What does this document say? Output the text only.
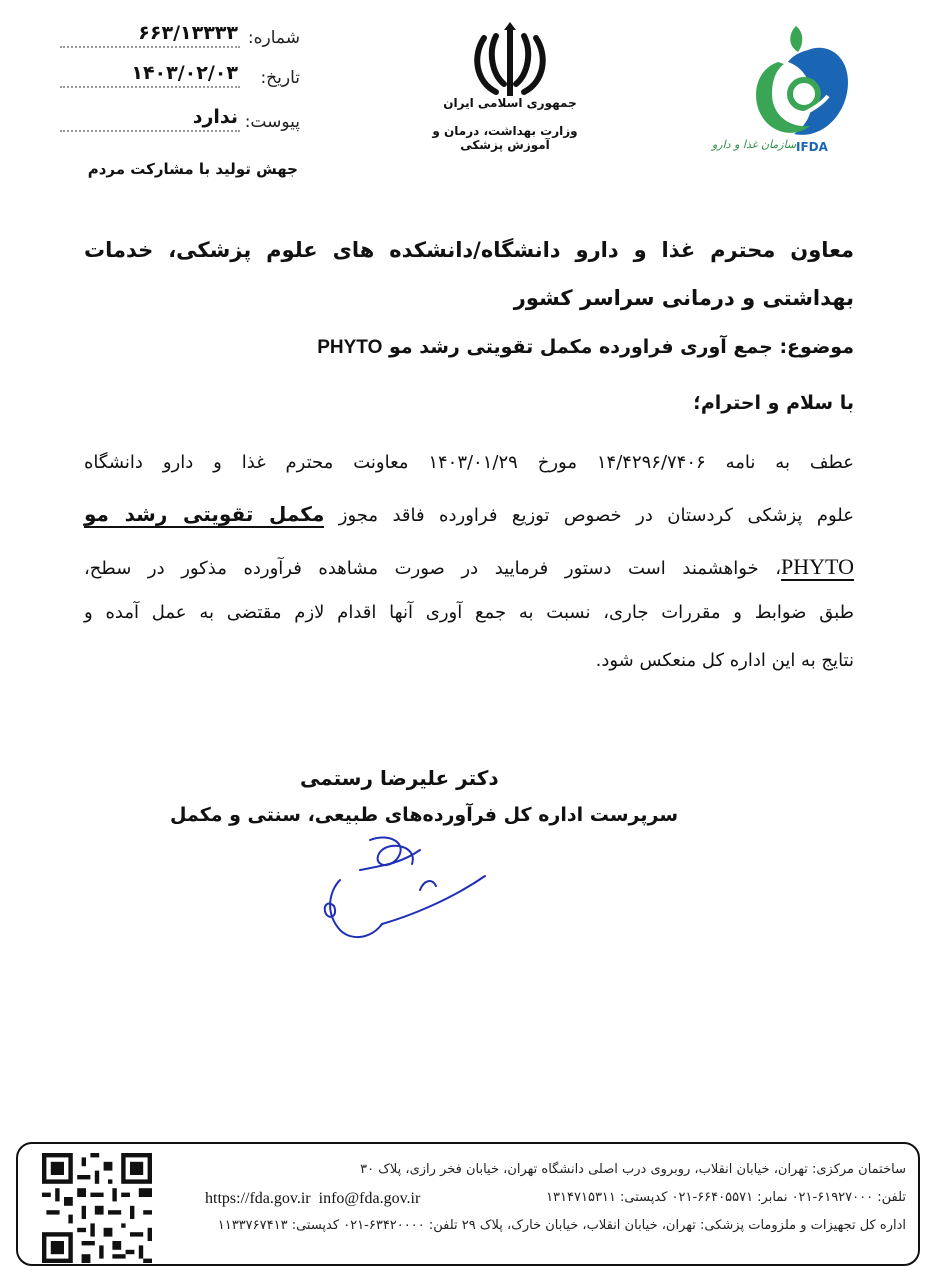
شماره:
۶۶۳/۱۳۳۳۳
تاریخ:
۱۴۰۳/۰۲/۰۳
پیوست:
ندارد
جهش تولید با مشارکت مردم
جمهوری اسلامی ایران
وزارت بهداشت، درمان و آموزش پزشکی	سازمان غذا و دارو IFDA
معاون محترم غذا و دارو دانشگاه/دانشکده های علوم پزشکی، خدمات بهداشتی و درمانی سراسر کشور
موضوع: جمع آوری فراورده مکمل تقویتی رشد مو PHYTO
با سلام و احترام؛
عطف به نامه ۱۴/۴۲۹۶/۷۴۰۶ مورخ ۱۴۰۳/۰۱/۲۹ معاونت محترم غذا و دارو دانشگاه
علوم پزشکی کردستان در خصوص توزیع فراورده فاقد مجوز مکمل تقویتی رشد مو
PHYTO، خواهشمند است دستور فرمایید در صورت مشاهده فرآورده مذکور در سطح،
طبق ضوابط و مقررات جاری، نسبت به جمع آوری آنها اقدام لازم مقتضی به عمل آمده و
نتایج به این اداره کل منعکس شود.
دکتر علیرضا رستمی
سرپرست اداره کل فرآورده‌های طبیعی، سنتی و مکمل
ساختمان مرکزی: تهران، خیابان انقلاب، روبروی درب اصلی دانشگاه تهران، خیابان فخر رازی، پلاک ۳۰
تلفن: ۶۱۹۲۷۰۰۰-۰۲۱ نمابر: ۶۶۴۰۵۵۷۱-۰۲۱ کدپستی: ۱۳۱۴۷۱۵۳۱۱
https://fda.gov.ir info@fda.gov.ir
اداره کل تجهیزات و ملزومات پزشکی: تهران، خیابان انقلاب، خیابان خارک، پلاک ۲۹ تلفن: ۶۳۴۲۰۰۰۰-۰۲۱ کدپستی: ۱۱۳۳۷۶۷۴۱۳
